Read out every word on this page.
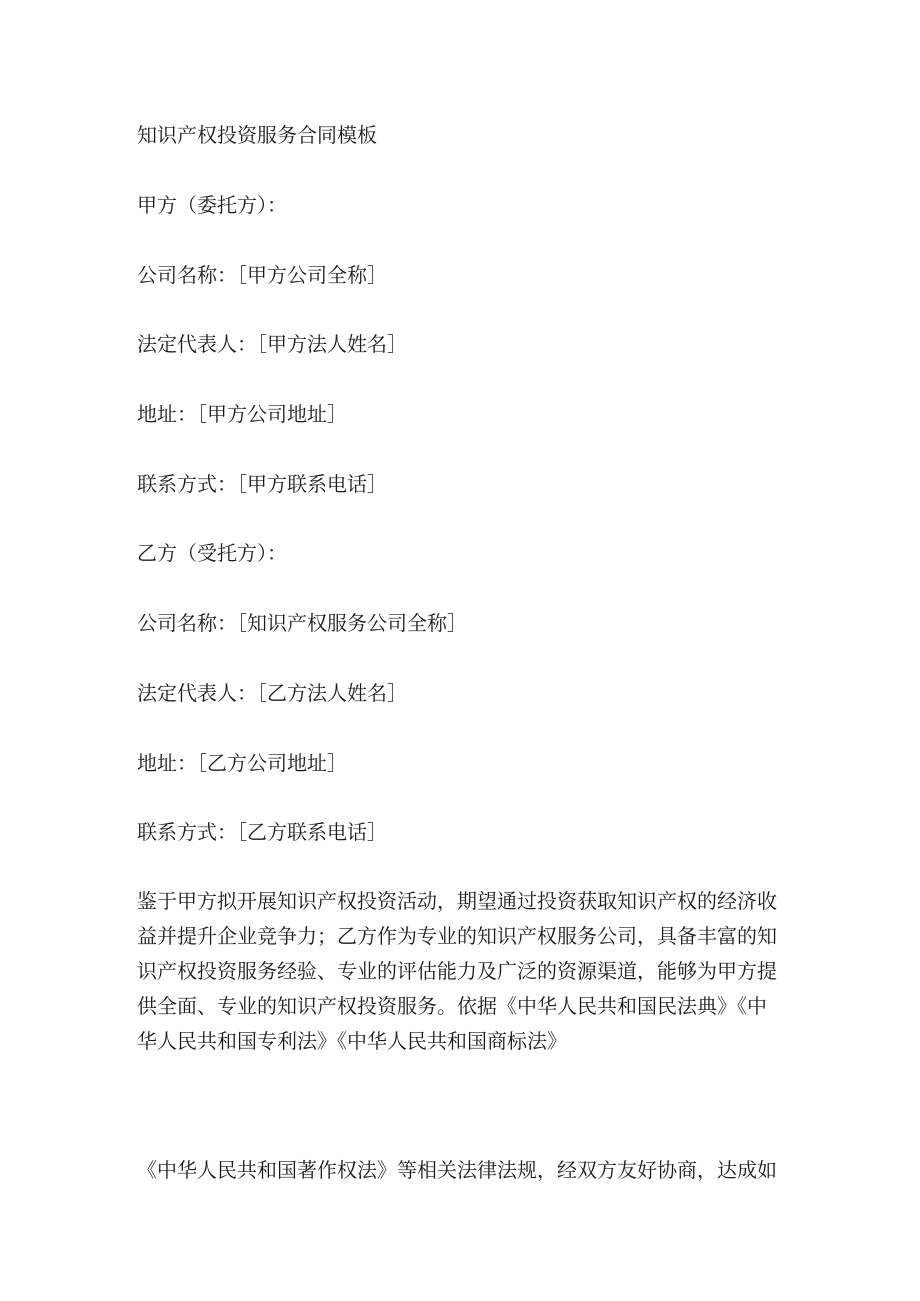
知识产权投资服务合同模板
甲方（委托方）：
公司名称：［甲方公司全称］
法定代表人：［甲方法人姓名］
地址：［甲方公司地址］
联系方式：［甲方联系电话］
乙方（受托方）：
公司名称：［知识产权服务公司全称］
法定代表人：［乙方法人姓名］
地址：［乙方公司地址］
联系方式：［乙方联系电话］
鉴于甲方拟开展知识产权投资活动，期望通过投资获取知识产权的经济收
益并提升企业竞争力；乙方作为专业的知识产权服务公司，具备丰富的知
识产权投资服务经验、专业的评估能力及广泛的资源渠道，能够为甲方提
供全面、专业的知识产权投资服务。依据《中华人民共和国民法典》《中
华人民共和国专利法》《中华人民共和国商标法》
《中华人民共和国著作权法》等相关法律法规，经双方友好协商，达成如
